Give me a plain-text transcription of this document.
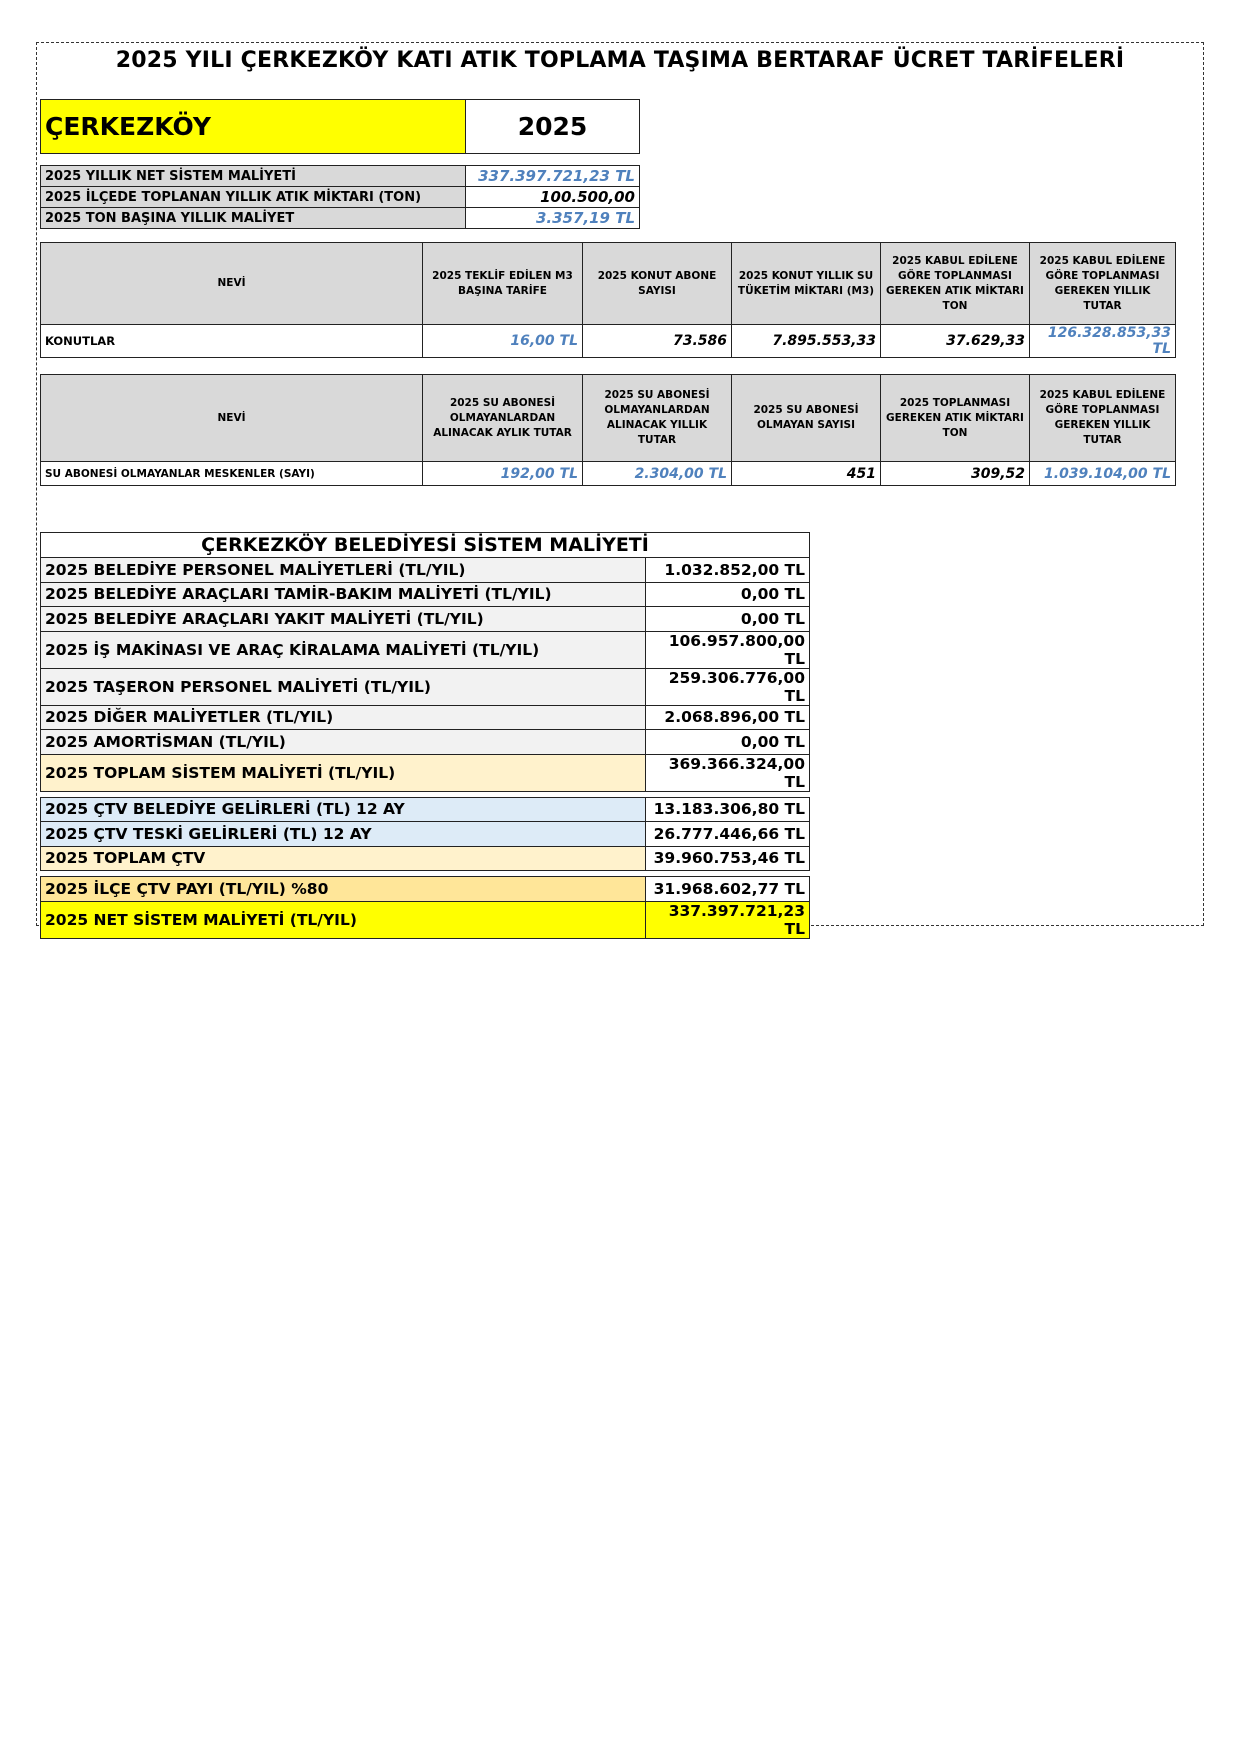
2025 YILI ÇERKEZKÖY KATI ATIK TOPLAMA TAŞIMA BERTARAF ÜCRET TARİFELERİ
ÇERKEZKÖY	2025
2025 YILLIK NET SİSTEM MALİYETİ	337.397.721,23 TL
2025 İLÇEDE TOPLANAN YILLIK ATIK MİKTARI (TON)	100.500,00
2025 TON BAŞINA YILLIK MALİYET	3.357,19 TL
NEVİ	2025 TEKLİF EDİLEN M3 BAŞINA TARİFE	2025 KONUT ABONE SAYISI	2025 KONUT YILLIK SU TÜKETİM MİKTARI (M3)	2025 KABUL EDİLENE GÖRE TOPLANMASI GEREKEN ATIK MİKTARI TON	2025 KABUL EDİLENE GÖRE TOPLANMASI GEREKEN YILLIK TUTAR
KONUTLAR	16,00 TL	73.586	7.895.553,33	37.629,33	126.328.853,33 TL
NEVİ	2025 SU ABONESİ OLMAYANLARDAN ALINACAK AYLIK TUTAR	2025 SU ABONESİ OLMAYANLARDAN ALINACAK YILLIK TUTAR	2025 SU ABONESİ OLMAYAN SAYISI	2025 TOPLANMASI GEREKEN ATIK MİKTARI TON	2025 KABUL EDİLENE GÖRE TOPLANMASI GEREKEN YILLIK TUTAR
SU ABONESİ OLMAYANLAR MESKENLER (SAYI)	192,00 TL	2.304,00 TL	451	309,52	1.039.104,00 TL
ÇERKEZKÖY BELEDİYESİ SİSTEM MALİYETİ	
2025 BELEDİYE PERSONEL MALİYETLERİ (TL/YIL)	1.032.852,00 TL
2025 BELEDİYE ARAÇLARI TAMİR-BAKIM MALİYETİ (TL/YIL)	0,00 TL
2025 BELEDİYE ARAÇLARI YAKIT MALİYETİ (TL/YIL)	0,00 TL
2025 İŞ MAKİNASI VE ARAÇ KİRALAMA MALİYETİ (TL/YIL)	106.957.800,00 TL
2025 TAŞERON PERSONEL MALİYETİ (TL/YIL)	259.306.776,00 TL
2025 DİĞER MALİYETLER (TL/YIL)	2.068.896,00 TL
2025 AMORTİSMAN (TL/YIL)	0,00 TL
2025 TOPLAM SİSTEM MALİYETİ (TL/YIL)	369.366.324,00 TL

2025 ÇTV BELEDİYE GELİRLERİ (TL) 12 AY	13.183.306,80 TL
2025 ÇTV TESKİ GELİRLERİ (TL) 12 AY	26.777.446,66 TL
2025 TOPLAM ÇTV	39.960.753,46 TL

2025 İLÇE ÇTV PAYI (TL/YIL) %80	31.968.602,77 TL
2025 NET SİSTEM MALİYETİ (TL/YIL)	337.397.721,23 TL
